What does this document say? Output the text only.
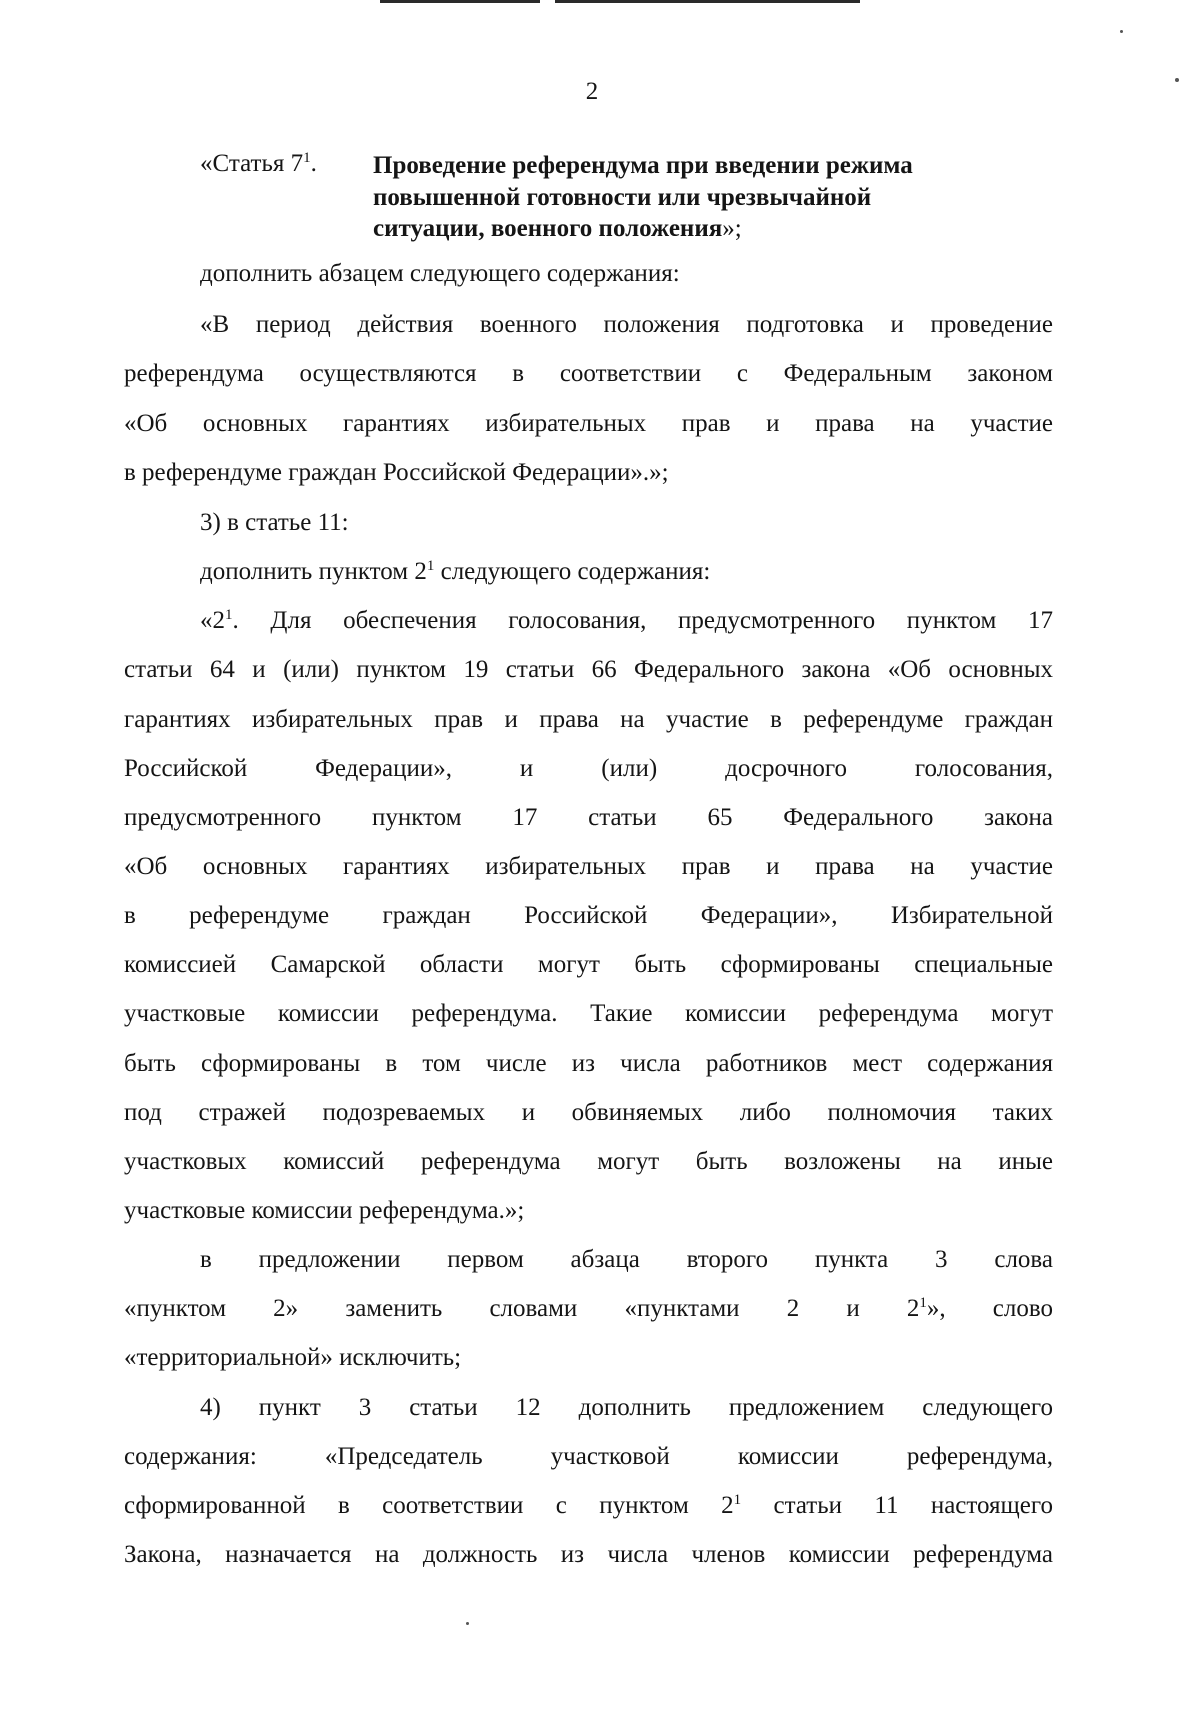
2
«Статья $7^1$. Проведение референдума при введении режима
повышенной готовности или чрезвычайной
ситуации, военного положения»;
дополнить абзацем следующего содержания:
«В период действия военного положения подготовка и проведение
референдума осуществляются в соответствии с Федеральным законом
«Об основных гарантиях избирательных прав и права на участие
в референдуме граждан Российской Федерации».»;
3) в статье 11:
дополнить пунктом $2^1$ следующего содержания:
«$2^1$. Для обеспечения голосования, предусмотренного пунктом 17
статьи 64 и (или) пунктом 19 статьи 66 Федерального закона «Об основных
гарантиях избирательных прав и права на участие в референдуме граждан
Российской Федерации», и (или) досрочного голосования,
предусмотренного пунктом 17 статьи 65 Федерального закона
«Об основных гарантиях избирательных прав и права на участие
в референдуме граждан Российской Федерации», Избирательной
комиссией Самарской области могут быть сформированы специальные
участковые комиссии референдума. Такие комиссии референдума могут
быть сформированы в том числе из числа работников мест содержания
под стражей подозреваемых и обвиняемых либо полномочия таких
участковых комиссий референдума могут быть возложены на иные
участковые комиссии референдума.»;
в предложении первом абзаца второго пункта 3 слова
«пунктом 2» заменить словами «пунктами 2 и $2^1$», слово
«территориальной» исключить;
4) пункт 3 статьи 12 дополнить предложением следующего
содержания: «Председатель участковой комиссии референдума,
сформированной в соответствии с пунктом $2^1$ статьи 11 настоящего
Закона, назначается на должность из числа членов комиссии референдума
